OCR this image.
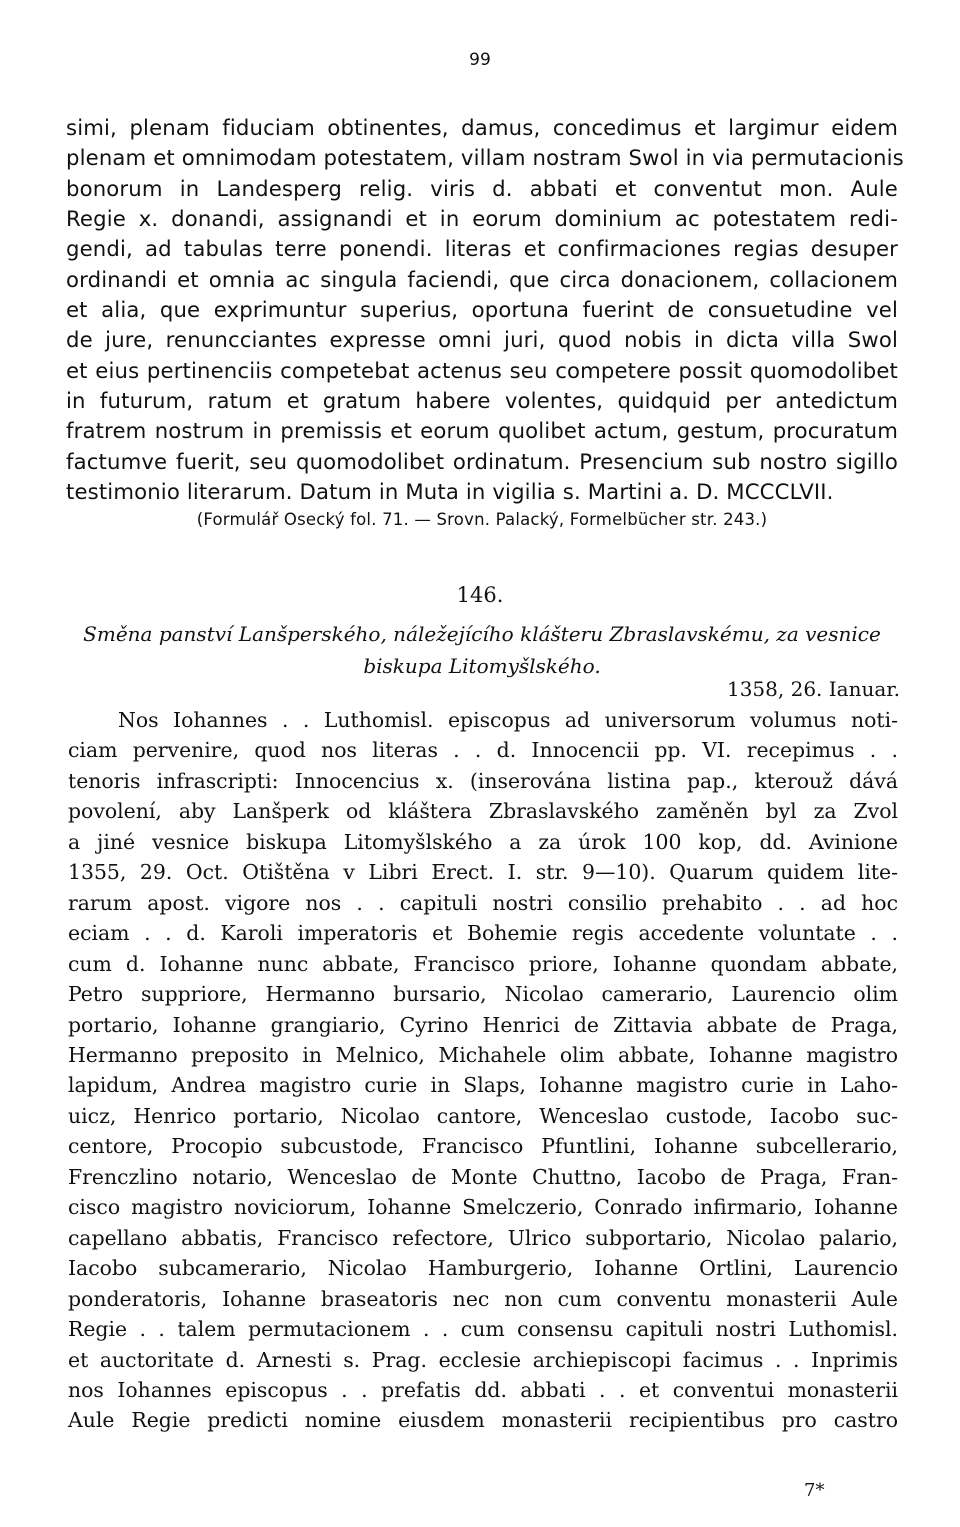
99
simi, plenam fiduciam obtinentes, damus, concedimus et largimur eidem
plenam et omnimodam potestatem, villam nostram Swol in via permutacionis
bonorum in Landesperg relig. viris d. abbati et conventut mon. Aule
Regie x. donandi, assignandi et in eorum dominium ac potestatem redi-
gendi, ad tabulas terre ponendi. literas et confirmaciones regias desuper
ordinandi et omnia ac singula faciendi, que circa donacionem, collacionem
et alia, que exprimuntur superius, oportuna fuerint de consuetudine vel
de jure, renuncciantes expresse omni juri, quod nobis in dicta villa Swol
et eius pertinenciis competebat actenus seu competere possit quomodolibet
in futurum, ratum et gratum habere volentes, quidquid per antedictum
fratrem nostrum in premissis et eorum quolibet actum, gestum, procuratum
factumve fuerit, seu quomodolibet ordinatum. Presencium sub nostro sigillo
testimonio literarum. Datum in Muta in vigilia s. Martini a. D. MCCCLVII.
(Formulář Osecký fol. 71. — Srovn. Palacký, Formelbücher str. 243.)
146.
Směna panství Lanšperského, náležejícího klášteru Zbraslavskému, za vesnice
biskupa Litomyšlského.
1358, 26. Ianuar.
Nos Iohannes . . Luthomisl. episcopus ad universorum volumus noti-
ciam pervenire, quod nos literas . . d. Innocencii pp. VI. recepimus . .
tenoris infrascripti: Innocencius x. (inserována listina pap., kterouž dává
povolení, aby Lanšperk od kláštera Zbraslavského zaměněn byl za Zvol
a jiné vesnice biskupa Litomyšlského a za úrok 100 kop, dd. Avinione
1355, 29. Oct. Otištěna v Libri Erect. I. str. 9—10). Quarum quidem lite-
rarum apost. vigore nos . . capituli nostri consilio prehabito . . ad hoc
eciam . . d. Karoli imperatoris et Bohemie regis accedente voluntate . .
cum d. Iohanne nunc abbate, Francisco priore, Iohanne quondam abbate,
Petro suppriore, Hermanno bursario, Nicolao camerario, Laurencio olim
portario, Iohanne grangiario, Cyrino Henrici de Zittavia abbate de Praga,
Hermanno preposito in Melnico, Michahele olim abbate, Iohanne magistro
lapidum, Andrea magistro curie in Slaps, Iohanne magistro curie in Laho-
uicz, Henrico portario, Nicolao cantore, Wenceslao custode, Iacobo suc-
centore, Procopio subcustode, Francisco Pfuntlini, Iohanne subcellerario,
Frenczlino notario, Wenceslao de Monte Chuttno, Iacobo de Praga, Fran-
cisco magistro noviciorum, Iohanne Smelczerio, Conrado infirmario, Iohanne
capellano abbatis, Francisco refectore, Ulrico subportario, Nicolao palario,
Iacobo subcamerario, Nicolao Hamburgerio, Iohanne Ortlini, Laurencio
ponderatoris, Iohanne braseatoris nec non cum conventu monasterii Aule
Regie . . talem permutacionem . . cum consensu capituli nostri Luthomisl.
et auctoritate d. Arnesti s. Prag. ecclesie archiepiscopi facimus . . Inprimis
nos Iohannes episcopus . . prefatis dd. abbati . . et conventui monasterii
Aule Regie predicti nomine eiusdem monasterii recipientibus pro castro
7*
